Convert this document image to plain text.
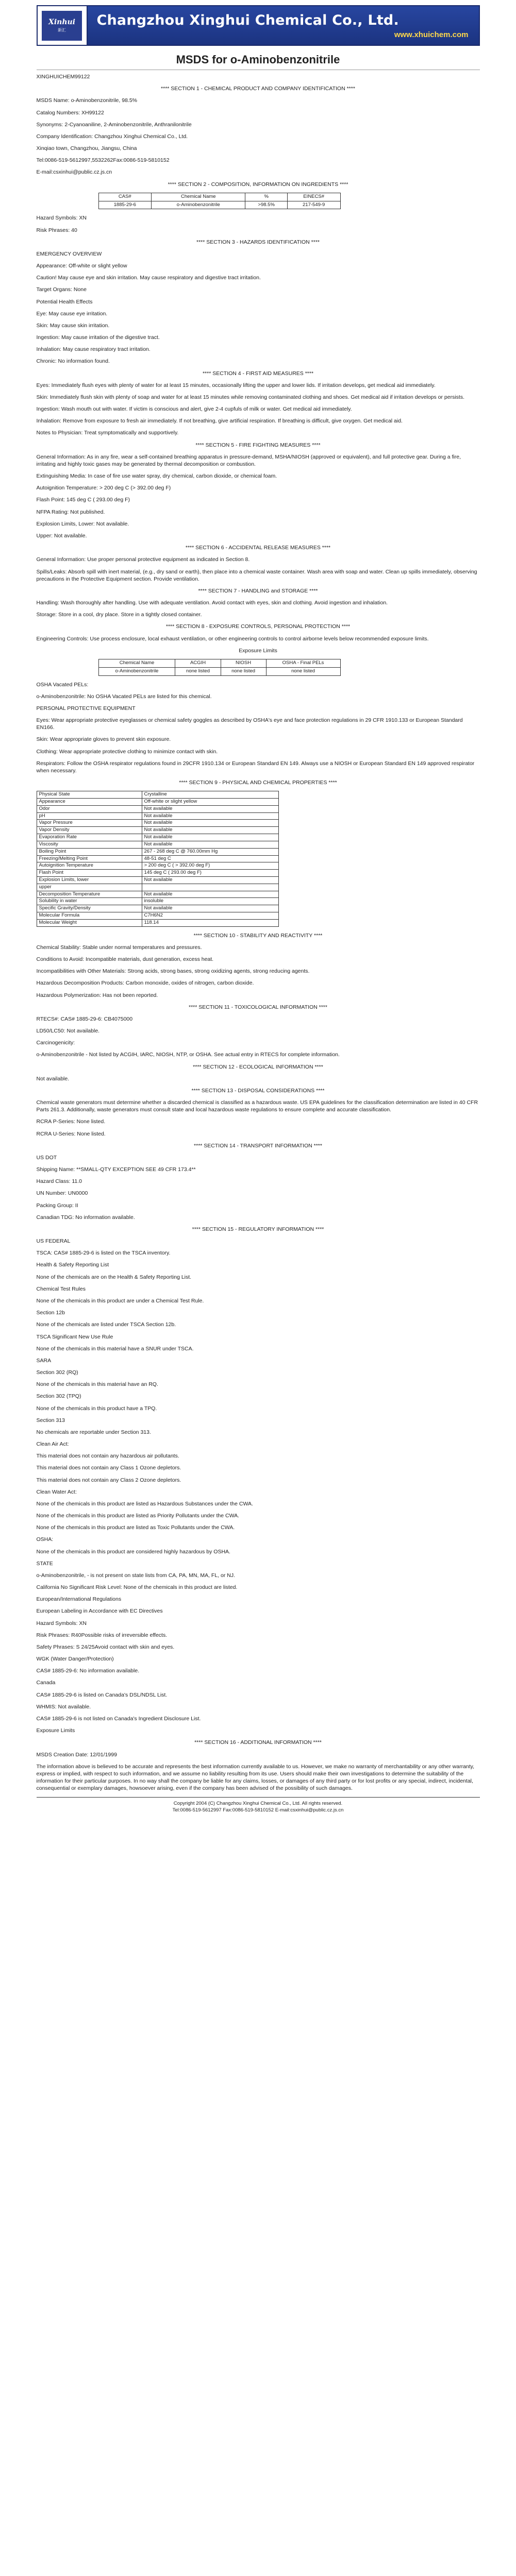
Xinhui
新汇
Changzhou Xinghui Chemical Co., Ltd.
www.xhuichem.com
MSDS for o-Aminobenzonitrile

XINGHUICHEM99122

**** SECTION 1 - CHEMICAL PRODUCT AND COMPANY IDENTIFICATION ****

MSDS Name: o-Aminobenzonitrile, 98.5%

Catalog Numbers: XH99122

Synonyms: 2-Cyanoaniline, 2-Aminobenzonitrile, Anthranilonitrile

Company Identification: Changzhou Xinghui Chemical Co., Ltd.

Xinqiao town, Changzhou, Jiangsu, China

Tel:0086-519-5612997,5532262Fax:0086-519-5810152

E-mail:csxinhui@public.cz.js.cn

**** SECTION 2 - COMPOSITION, INFORMATION ON INGREDIENTS ****

CAS#	Chemical Name	%	EINECS#
1885-29-6	o-Aminobenzonitrile	>98.5%	217-549-9

Hazard Symbols: XN

Risk Phrases: 40

**** SECTION 3 - HAZARDS IDENTIFICATION ****

EMERGENCY OVERVIEW

Appearance: Off-white or slight yellow

Caution! May cause eye and skin irritation. May cause respiratory and digestive tract irritation.

Target Organs: None

Potential Health Effects

Eye: May cause eye irritation.

Skin: May cause skin irritation.

Ingestion: May cause irritation of the digestive tract.

Inhalation: May cause respiratory tract irritation.

Chronic: No information found.

**** SECTION 4 - FIRST AID MEASURES ****

Eyes: Immediately flush eyes with plenty of water for at least 15 minutes, occasionally lifting the upper and lower lids. If irritation develops, get medical aid immediately.

Skin: Immediately flush skin with plenty of soap and water for at least 15 minutes while removing contaminated clothing and shoes. Get medical aid if irritation develops or persists.

Ingestion: Wash mouth out with water. If victim is conscious and alert, give 2-4 cupfuls of milk or water. Get medical aid immediately.

Inhalation: Remove from exposure to fresh air immediately. If not breathing, give artificial respiration. If breathing is difficult, give oxygen. Get medical aid.

Notes to Physician: Treat symptomatically and supportively.

**** SECTION 5 - FIRE FIGHTING MEASURES ****

General Information: As in any fire, wear a self-contained breathing apparatus in pressure-demand, MSHA/NIOSH (approved or equivalent), and full protective gear. During a fire, irritating and highly toxic gases may be generated by thermal decomposition or combustion.

Extinguishing Media: In case of fire use water spray, dry chemical, carbon dioxide, or chemical foam.

Autoignition Temperature: > 200 deg C (> 392.00 deg F)

Flash Point: 145 deg C ( 293.00 deg F)

NFPA Rating: Not published.

Explosion Limits, Lower: Not available.

Upper: Not available.

**** SECTION 6 - ACCIDENTAL RELEASE MEASURES ****

General Information: Use proper personal protective equipment as indicated in Section 8.

Spills/Leaks: Absorb spill with inert material, (e.g., dry sand or earth), then place into a chemical waste container. Wash area with soap and water. Clean up spills immediately, observing precautions in the Protective Equipment section. Provide ventilation.

**** SECTION 7 - HANDLING and STORAGE ****

Handling: Wash thoroughly after handling. Use with adequate ventilation. Avoid contact with eyes, skin and clothing. Avoid ingestion and inhalation.

Storage: Store in a cool, dry place. Store in a tightly closed container.

**** SECTION 8 - EXPOSURE CONTROLS, PERSONAL PROTECTION ****

Engineering Controls: Use process enclosure, local exhaust ventilation, or other engineering controls to control airborne levels below recommended exposure limits.

Exposure Limits

Chemical Name	ACGIH	NIOSH	OSHA - Final PELs
o-Aminobenzonitrile	none listed	none listed	none listed

OSHA Vacated PELs:

o-Aminobenzonitrile: No OSHA Vacated PELs are listed for this chemical.

PERSONAL PROTECTIVE EQUIPMENT

Eyes: Wear appropriate protective eyeglasses or chemical safety goggles as described by OSHA's eye and face protection regulations in 29 CFR 1910.133 or European Standard EN166.

Skin: Wear appropriate gloves to prevent skin exposure.

Clothing: Wear appropriate protective clothing to minimize contact with skin.

Respirators: Follow the OSHA respirator regulations found in 29CFR 1910.134 or European Standard EN 149. Always use a NIOSH or European Standard EN 149 approved respirator when necessary.

**** SECTION 9 - PHYSICAL AND CHEMICAL PROPERTIES ****

Physical State	Crystalline
Appearance	Off-white or slight yellow
Odor	Not available
pH	Not available
Vapor Pressure	Not available
Vapor Density	Not available
Evaporation Rate	Not available
Viscosity	Not available
Boiling Point	267 - 268 deg C @ 760.00mm Hg
Freezing/Melting Point	48-51 deg C
Autoignition Temperature	> 200 deg C ( > 392.00 deg F)
Flash Point	145 deg C ( 293.00 deg F)
Explosion Limits, lower	Not available
upper	
Decomposition Temperature	Not available
Solubility in water	insoluble
Specific Gravity/Density	Not available
Molecular Formula	C7H6N2
Molecular Weight	118.14

**** SECTION 10 - STABILITY AND REACTIVITY ****

Chemical Stability: Stable under normal temperatures and pressures.

Conditions to Avoid: Incompatible materials, dust generation, excess heat.

Incompatibilities with Other Materials: Strong acids, strong bases, strong oxidizing agents, strong reducing agents.

Hazardous Decomposition Products: Carbon monoxide, oxides of nitrogen, carbon dioxide.

Hazardous Polymerization: Has not been reported.

**** SECTION 11 - TOXICOLOGICAL INFORMATION ****

RTECS#: CAS# 1885-29-6: CB4075000

LD50/LC50: Not available.

Carcinogenicity:

o-Aminobenzonitrile - Not listed by ACGIH, IARC, NIOSH, NTP, or OSHA. See actual entry in RTECS for complete information.

**** SECTION 12 - ECOLOGICAL INFORMATION ****

Not available.

**** SECTION 13 - DISPOSAL CONSIDERATIONS ****

Chemical waste generators must determine whether a discarded chemical is classified as a hazardous waste. US EPA guidelines for the classification determination are listed in 40 CFR Parts 261.3. Additionally, waste generators must consult state and local hazardous waste regulations to ensure complete and accurate classification.

RCRA P-Series: None listed.

RCRA U-Series: None listed.

**** SECTION 14 - TRANSPORT INFORMATION ****

US DOT

Shipping Name: **SMALL-QTY EXCEPTION SEE 49 CFR 173.4**

Hazard Class: 11.0

UN Number: UN0000

Packing Group: II

Canadian TDG: No information available.

**** SECTION 15 - REGULATORY INFORMATION ****

US FEDERAL

TSCA: CAS# 1885-29-6 is listed on the TSCA inventory.

Health & Safety Reporting List

None of the chemicals are on the Health & Safety Reporting List.

Chemical Test Rules

None of the chemicals in this product are under a Chemical Test Rule.

Section 12b

None of the chemicals are listed under TSCA Section 12b.

TSCA Significant New Use Rule

None of the chemicals in this material have a SNUR under TSCA.

SARA

Section 302 (RQ)

None of the chemicals in this material have an RQ.

Section 302 (TPQ)

None of the chemicals in this product have a TPQ.

Section 313

No chemicals are reportable under Section 313.

Clean Air Act:

This material does not contain any hazardous air pollutants.

This material does not contain any Class 1 Ozone depletors.

This material does not contain any Class 2 Ozone depletors.

Clean Water Act:

None of the chemicals in this product are listed as Hazardous Substances under the CWA.

None of the chemicals in this product are listed as Priority Pollutants under the CWA.

None of the chemicals in this product are listed as Toxic Pollutants under the CWA.

OSHA:

None of the chemicals in this product are considered highly hazardous by OSHA.

STATE

o-Aminobenzonitrile, - is not present on state lists from CA, PA, MN, MA, FL, or NJ.

California No Significant Risk Level: None of the chemicals in this product are listed.

European/International Regulations

European Labeling in Accordance with EC Directives

Hazard Symbols: XN

Risk Phrases: R40Possible risks of irreversible effects.

Safety Phrases: S 24/25Avoid contact with skin and eyes.

WGK (Water Danger/Protection)

CAS# 1885-29-6: No information available.

Canada

CAS# 1885-29-6 is listed on Canada's DSL/NDSL List.

WHMIS: Not available.

CAS# 1885-29-6 is not listed on Canada's Ingredient Disclosure List.

Exposure Limits

**** SECTION 16 - ADDITIONAL INFORMATION ****

MSDS Creation Date: 12/01/1999

The information above is believed to be accurate and represents the best information currently available to us. However, we make no warranty of merchantability or any other warranty, express or implied, with respect to such information, and we assume no liability resulting from its use. Users should make their own investigations to determine the suitability of the information for their particular purposes. In no way shall the company be liable for any claims, losses, or damages of any third party or for lost profits or any special, indirect, incidental, consequential or exemplary damages, howsoever arising, even if the company has been advised of the possibility of such damages.

Copyright 2004 (C) Changzhou Xinghui Chemical Co., Ltd. All rights reserved.
Tel:0086-519-5612997 Fax:0086-519-5810152 E-mail:csxinhui@public.cz.js.cn
